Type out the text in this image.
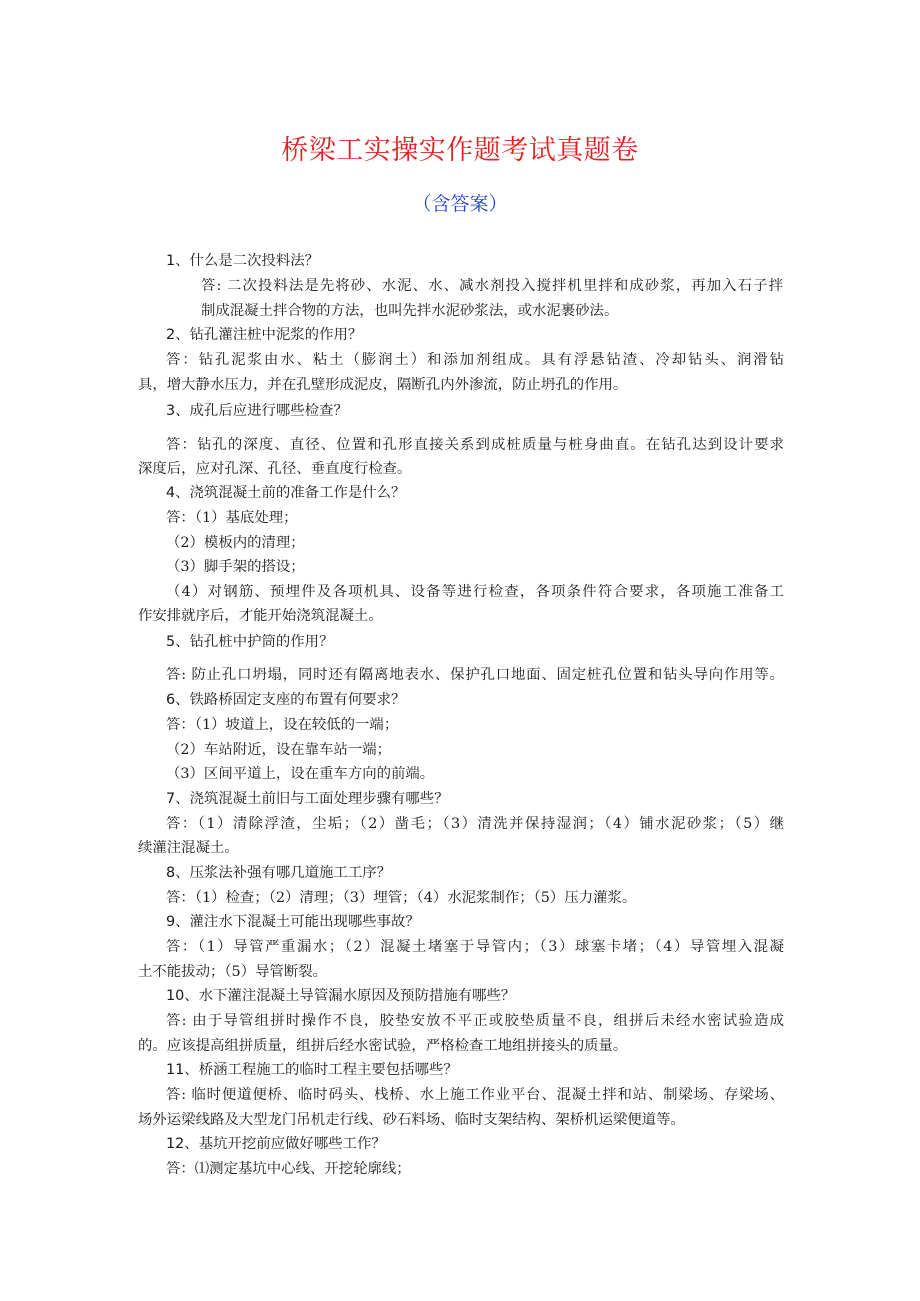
桥梁工实操实作题考试真题卷
（含答案）
1、什么是二次投料法？
答: 二次投料法是先将砂、水泥、水、减水剂投入搅拌机里拌和成砂浆，再加入石子拌
制成混凝土拌合物的方法，也叫先拌水泥砂浆法，或水泥裹砂法。
2、钻孔灌注桩中泥浆的作用？
答：钻孔泥浆由水、粘土（膨润土）和添加剂组成。具有浮悬钻渣、冷却钻头、润滑钻
具，增大静水压力，并在孔壁形成泥皮，隔断孔内外渗流，防止坍孔的作用。
3、成孔后应进行哪些检查？
答：钻孔的深度、直径、位置和孔形直接关系到成桩质量与桩身曲直。在钻孔达到设计要求
深度后，应对孔深、孔径、垂直度行检查。
4、浇筑混凝土前的准备工作是什么？
答：（1）基底处理；
（2）模板内的清理；
（3）脚手架的搭设；
（4）对钢筋、预埋件及各项机具、设备等进行检查，各项条件符合要求，各项施工准备工
作安排就序后，才能开始浇筑混凝土。
5、钻孔桩中护筒的作用？
答: 防止孔口坍塌，同时还有隔离地表水、保护孔口地面、固定桩孔位置和钻头导向作用等。
6、铁路桥固定支座的布置有何要求？
答：（1）坡道上，设在较低的一端；
（2）车站附近，设在靠车站一端；
（3）区间平道上，设在重车方向的前端。
7、浇筑混凝土前旧与工面处理步骤有哪些？
答：（1）清除浮渣，尘垢；（2）凿毛；（3）清洗并保持湿润；（4）铺水泥砂浆；（5）继
续灌注混凝土。
8、压浆法补强有哪几道施工工序？
答：（1）检查；（2）清理；（3）埋管；（4）水泥浆制作；（5）压力灌浆。
9、灌注水下混凝土可能出现哪些事故？
答：（1）导管严重漏水；（2）混凝土堵塞于导管内；（3）球塞卡堵；（4）导管埋入混凝
土不能拔动；（5）导管断裂。
10、水下灌注混凝土导管漏水原因及预防措施有哪些？
答: 由于导管组拼时操作不良，胶垫安放不平正或胶垫质量不良，组拼后未经水密试验造成
的。应该提高组拼质量，组拼后经水密试验，严格检查工地组拼接头的质量。
11、桥涵工程施工的临时工程主要包括哪些？
答: 临时便道便桥、临时码头、栈桥、水上施工作业平台、混凝土拌和站、制梁场、存梁场、
场外运梁线路及大型龙门吊机走行线、砂石料场、临时支架结构、架桥机运梁便道等。
12、基坑开挖前应做好哪些工作？
答：⑴测定基坑中心线、开挖轮廓线；
